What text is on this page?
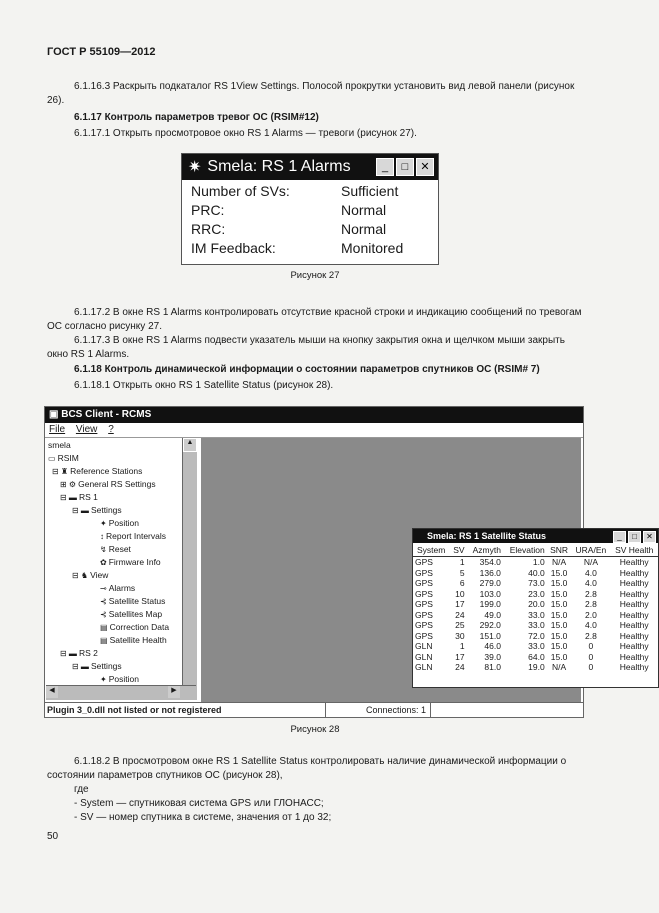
ГОСТ Р 55109—2012
6.1.16.3 Раскрыть подкаталог RS 1View Settings. Полосой прокрутки установить вид левой панели (рисунок 26).
6.1.17 Контроль параметров тревог ОС (RSIM#12)
6.1.17.1 Открыть просмотровое окно RS 1 Alarms — тревоги (рисунок 27).
✷ Smela: RS 1 Alarms	_	□	✕
Number of SVs:	Sufficient
PRC:	Normal
RRC:	Normal
IM Feedback:	Monitored
Рисунок 27
6.1.17.2 В окне RS 1 Alarms контролировать отсутствие красной строки и индикацию сообщений по тревогам ОС согласно рисунку 27.
6.1.17.3 В окне RS 1 Alarms подвести указатель мыши на кнопку закрытия окна и щелчком мыши закрыть окно RS 1 Alarms.
6.1.18 Контроль динамической информации о состоянии параметров спутников ОС (RSIM# 7)
6.1.18.1 Открыть окно RS 1 Satellite Status (рисунок 28).
▣ BCS Client - RCMS
File View ?
smela
▭RSIM
⊟ ♜Reference Stations
⊞ ⚙General RS Settings
⊟ ▬RS 1
⊟ ▬Settings
✦Position
↕Report Intervals
↯Reset
✿Firmware Info
⊟ ♞View
⊸Alarms
⊰Satellite Status
⊰Satellites Map
▤Correction Data
▤Satellite Health
⊟ ▬RS 2
⊟ ▬Settings
✦Position
▲
◀	▶
Smela: RS 1 Satellite Status	_	□	✕
System	SV	Azmyth	Elevation	SNR	URA/En	SV Health
GPS	1	354.0	1.0	N/A	N/A	Healthy
GPS	5	136.0	40.0	15.0	4.0	Healthy
GPS	6	279.0	73.0	15.0	4.0	Healthy
GPS	10	103.0	23.0	15.0	2.8	Healthy
GPS	17	199.0	20.0	15.0	2.8	Healthy
GPS	24	49.0	33.0	15.0	2.0	Healthy
GPS	25	292.0	33.0	15.0	4.0	Healthy
GPS	30	151.0	72.0	15.0	2.8	Healthy
GLN	1	46.0	33.0	15.0	0	Healthy
GLN	17	39.0	64.0	15.0	0	Healthy
GLN	24	81.0	19.0	N/A	0	Healthy
Plugin 3_0.dll not listed or not registered	Connections: 1
Рисунок 28
6.1.18.2 В просмотровом окне RS 1 Satellite Status контролировать наличие динамической информации о состоянии параметров спутников ОС (рисунок 28),
где
- System — спутниковая система GPS или ГЛОНАСС;
- SV — номер спутника в системе, значения от 1 до 32;
50
